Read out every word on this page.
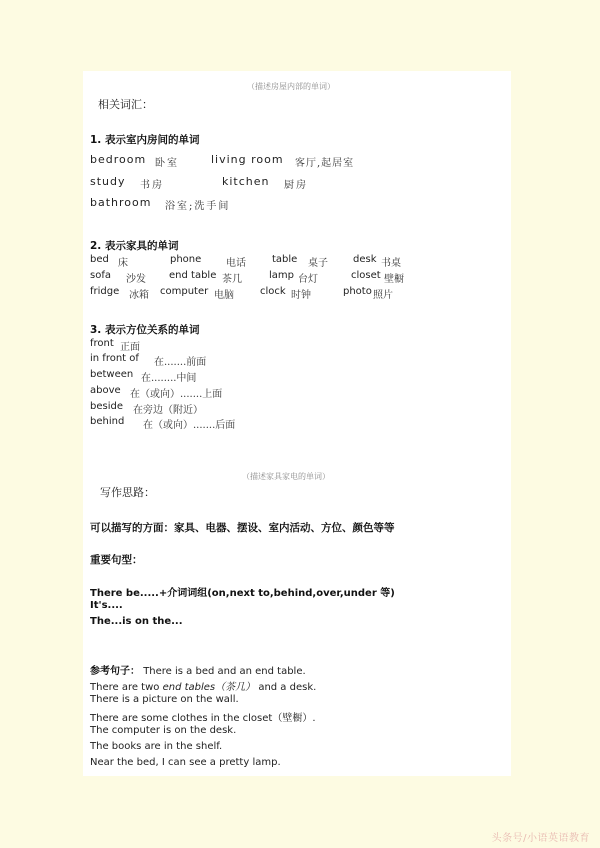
（描述房屋内部的单词）
相关词汇：
1. 表示室内房间的单词
bedroom 卧室	living room 客厅,起居室
study 书房	kitchen 厨房
bathroom 浴室;洗手间
2. 表示家具的单词
bed 床	phone 电话	table 桌子	desk 书桌
sofa 沙发 end table 茶几	lamp 台灯	closet 壁橱
fridge 冰箱 computer 电脑	clock 时钟	photo 照片
3. 表示方位关系的单词
front 正面
in front of 在.......前面
between 在........中间
above 在（或向）.......上面
beside 在旁边（附近）
behind 在（或向）.......后面
（描述家具家电的单词）
写作思路：
可以描写的方面：家具、电器、摆设、室内活动、方位、颜色等等
重要句型：
There be.....+介词词组(on,next to,behind,over,under 等)
It's....
The...is on the...
参考句子： There is a bed and an end table.
There are two end tables（茶几） and a desk.
There is a picture on the wall.
There are some clothes in the closet（壁橱）.
The computer is on the desk.
The books are in the shelf.
Near the bed, I can see a pretty lamp.
头条号/小语英语教育
